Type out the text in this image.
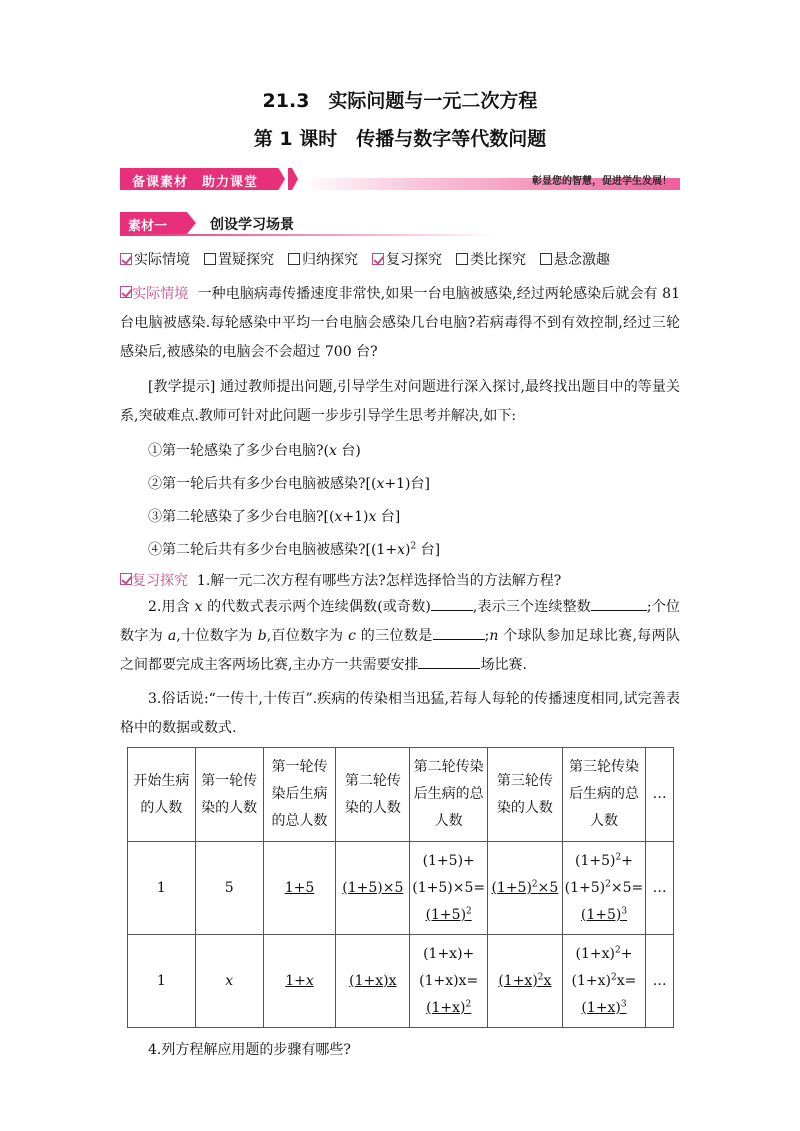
21.3　实际问题与一元二次方程
第 1 课时　传播与数字等代数问题
备课素材　助力课堂	彰显您的智慧，促进学生发展！
素材一	创设学习场景
实际情境 置疑探究 归纳探究 复习探究 类比探究 悬念激趣
实际情境 一种电脑病毒传播速度非常快,如果一台电脑被感染,经过两轮感染后就会有 81 台电脑被感染.每轮感染中平均一台电脑会感染几台电脑?若病毒得不到有效控制,经过三轮感染后,被感染的电脑会不会超过 700 台?
[教学提示] 通过教师提出问题,引导学生对问题进行深入探讨,最终找出题目中的等量关系,突破难点.教师可针对此问题一步步引导学生思考并解决,如下:
①第一轮感染了多少台电脑?(x 台)
②第一轮后共有多少台电脑被感染?[(x+1)台]
③第二轮感染了多少台电脑?[(x+1)x 台]
④第二轮后共有多少台电脑被感染$?[(1+x)^2$ 台]
复习探究 1.解一元二次方程有哪些方法?怎样选择恰当的方法解方程?
2.用含 x 的代数式表示两个连续偶数(或奇数)	,表示三个连续整数	;个位数字为 a,十位数字为 b,百位数字为 c 的三位数是	;n 个球队参加足球比赛,每两队之间都要完成主客两场比赛,主办方一共需要安排	场比赛.
3.俗话说:“一传十,十传百”.疾病的传染相当迅猛,若每人每轮的传播速度相同,试完善表格中的数据或数式.
开始生病的人数	第一轮传染的人数	第一轮传染后生病的总人数	第二轮传染的人数	第二轮传染后生病的总人数	第三轮传染的人数	第三轮传染后生病的总人数	…
1	5	1+5	(1+5)×5	(1+5)+
(1+5)×5=
$(1+5)^2$	$(1+5)^2\times 5$	$(1+5)^2+$
$(1+5)^2\times 5=$
$(1+5)^3$	…
1	x	1+x	(1+x)x	(1+x)+
(1+x)x=
$(1+x)^2$	$(1+x)^2x$	$(1+x)^2+$
$(1+x)^2x=$
$(1+x)^3$	…
4.列方程解应用题的步骤有哪些?
